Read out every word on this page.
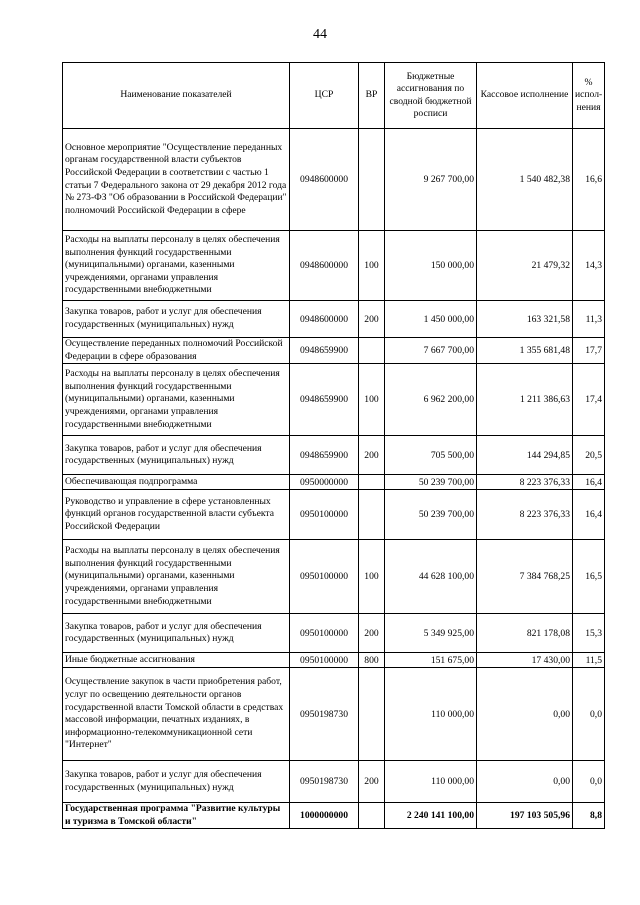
44
Наименование показателей	ЦСР	ВР	Бюджетные ассигнования по сводной бюджетной росписи	Кассовое исполнение	% испол-нения
Основное мероприятие "Осуществление переданных органам государственной власти субъектов Российской Федерации в соответствии с частью 1 статьи 7 Федерального закона от 29 декабря 2012 года № 273-ФЗ "Об образовании в Российской Федерации" полномочий Российской Федерации в сфере	0948600000		9 267 700,00	1 540 482,38	16,6
Расходы на выплаты персоналу в целях обеспечения выполнения функций государственными (муниципальными) органами, казенными учреждениями, органами управления государственными внебюджетными	0948600000	100	150 000,00	21 479,32	14,3
Закупка товаров, работ и услуг для обеспечения государственных (муниципальных) нужд	0948600000	200	1 450 000,00	163 321,58	11,3
Осуществление переданных полномочий Российской Федерации в сфере образования	0948659900		7 667 700,00	1 355 681,48	17,7
Расходы на выплаты персоналу в целях обеспечения выполнения функций государственными (муниципальными) органами, казенными учреждениями, органами управления государственными внебюджетными	0948659900	100	6 962 200,00	1 211 386,63	17,4
Закупка товаров, работ и услуг для обеспечения государственных (муниципальных) нужд	0948659900	200	705 500,00	144 294,85	20,5
Обеспечивающая подпрограмма	0950000000		50 239 700,00	8 223 376,33	16,4
Руководство и управление в сфере установленных функций органов государственной власти субъекта Российской Федерации	0950100000		50 239 700,00	8 223 376,33	16,4
Расходы на выплаты персоналу в целях обеспечения выполнения функций государственными (муниципальными) органами, казенными учреждениями, органами управления государственными внебюджетными	0950100000	100	44 628 100,00	7 384 768,25	16,5
Закупка товаров, работ и услуг для обеспечения государственных (муниципальных) нужд	0950100000	200	5 349 925,00	821 178,08	15,3
Иные бюджетные ассигнования	0950100000	800	151 675,00	17 430,00	11,5
Осуществление закупок в части приобретения работ, услуг по освещению деятельности органов государственной власти Томской области в средствах массовой информации, печатных изданиях, в информационно-телекоммуникационной сети "Интернет"	0950198730		110 000,00	0,00	0,0
Закупка товаров, работ и услуг для обеспечения государственных (муниципальных) нужд	0950198730	200	110 000,00	0,00	0,0
Государственная программа "Развитие культуры и туризма в Томской области"	1000000000		2 240 141 100,00	197 103 505,96	8,8
